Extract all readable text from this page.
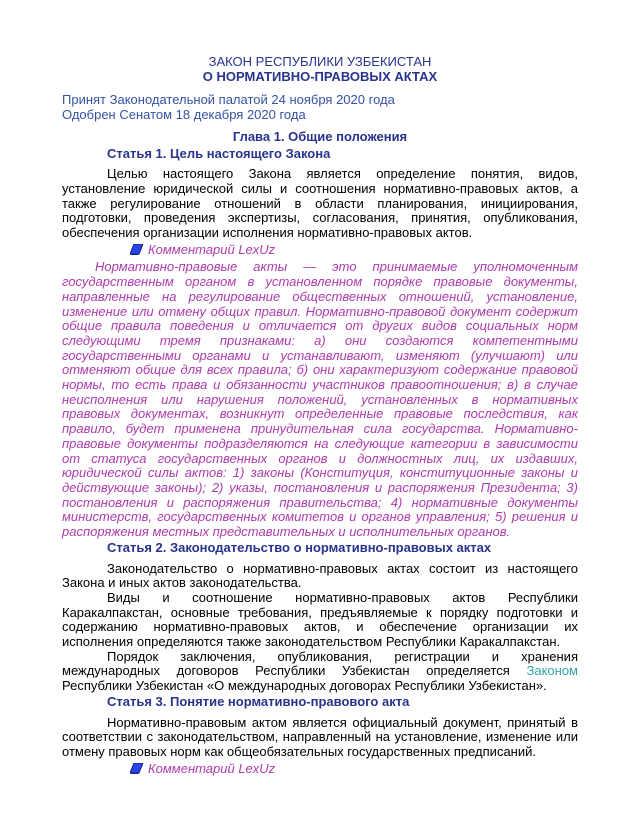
ЗАКОН РЕСПУБЛИКИ УЗБЕКИСТАН
О НОРМАТИВНО-ПРАВОВЫХ АКТАХ
Принят Законодательной палатой 24 ноября 2020 года
Одобрен Сенатом 18 декабря 2020 года
Глава 1. Общие положения
Статья 1. Цель настоящего Закона

Целью настоящего Закона является определение понятия, видов, установление юридической силы и соотношения нормативно-правовых актов, а также регулирование отношений в области планирования, инициирования, подготовки, проведения экспертизы, согласования, принятия, опубликования, обеспечения организации исполнения нормативно-правовых актов.

Комментарий LexUz

Нормативно-правовые акты — это принимаемые уполномоченным государственным органом в установленном порядке правовые документы, направленные на регулирование общественных отношений, установление, изменение или отмену общих правил. Нормативно-правовой документ содержит общие правила поведения и отличается от других видов социальных норм следующими тремя признаками: а) они создаются компетентными государственными органами и устанавливают, изменяют (улучшают) или отменяют общие для всех правила; б) они характеризуют содержание правовой нормы, то есть права и обязанности участников правоотношения; в) в случае неисполнения или нарушения положений, установленных в нормативных правовых документах, возникнут определенные правовые последствия, как правило, будет применена принудительная сила государства. Нормативно-правовые документы подразделяются на следующие категории в зависимости от статуса государственных органов и должностных лиц, их издавших, юридической силы актов: 1) законы (Конституция, конституционные законы и действующие законы); 2) указы, постановления и распоряжения Президента; 3) постановления и распоряжения правительства; 4) нормативные документы министерств, государственных комитетов и органов управления; 5) решения и распоряжения местных представительных и исполнительных органов.

Статья 2. Законодательство о нормативно-правовых актах

Законодательство о нормативно-правовых актах состоит из настоящего Закона и иных актов законодательства.

Виды и соотношение нормативно-правовых актов Республики Каракалпакстан, основные требования, предъявляемые к порядку подготовки и содержанию нормативно-правовых актов, и обеспечение организации их исполнения определяются также законодательством Республики Каракалпакстан.

Порядок заключения, опубликования, регистрации и хранения международных договоров Республики Узбекистан определяется Законом Республики Узбекистан «О международных договорах Республики Узбекистан».

Статья 3. Понятие нормативно-правового акта

Нормативно-правовым актом является официальный документ, принятый в соответствии с законодательством, направленный на установление, изменение или отмену правовых норм как общеобязательных государственных предписаний.

Комментарий LexUz
